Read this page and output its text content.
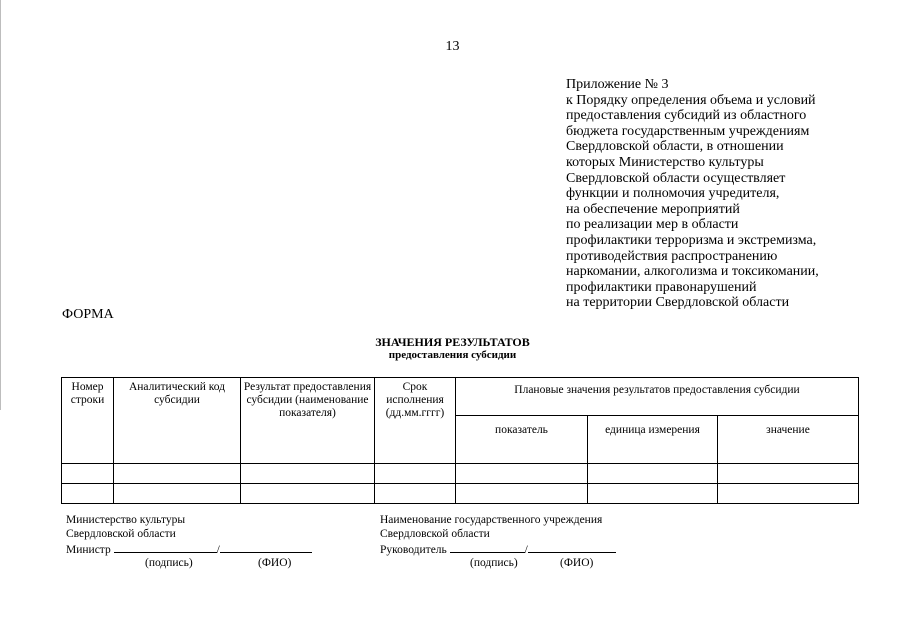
13
Приложение № 3
к Порядку определения объема и условий
предоставления субсидий из областного
бюджета государственным учреждениям
Свердловской области, в отношении
которых Министерство культуры
Свердловской области осуществляет
функции и полномочия учредителя,
на обеспечение мероприятий
по реализации мер в области
профилактики терроризма и экстремизма,
противодействия распространению
наркомании, алкоголизма и токсикомании,
профилактики правонарушений
на территории Свердловской области
ФОРМА
ЗНАЧЕНИЯ РЕЗУЛЬТАТОВ
предоставления субсидии
Номер строки	Аналитический код субсидии	Результат предоставления субсидии (наименование показателя)	Срок исполнения (дд.мм.гггг)	Плановые значения результатов предоставления субсидии		
				показатель	единица измерения	значение

Министерство культуры
Свердловской области
Министр	/
(подпись)	(ФИО)
Наименование государственного учреждения
Свердловской области
Руководитель	/
(подпись)	(ФИО)
